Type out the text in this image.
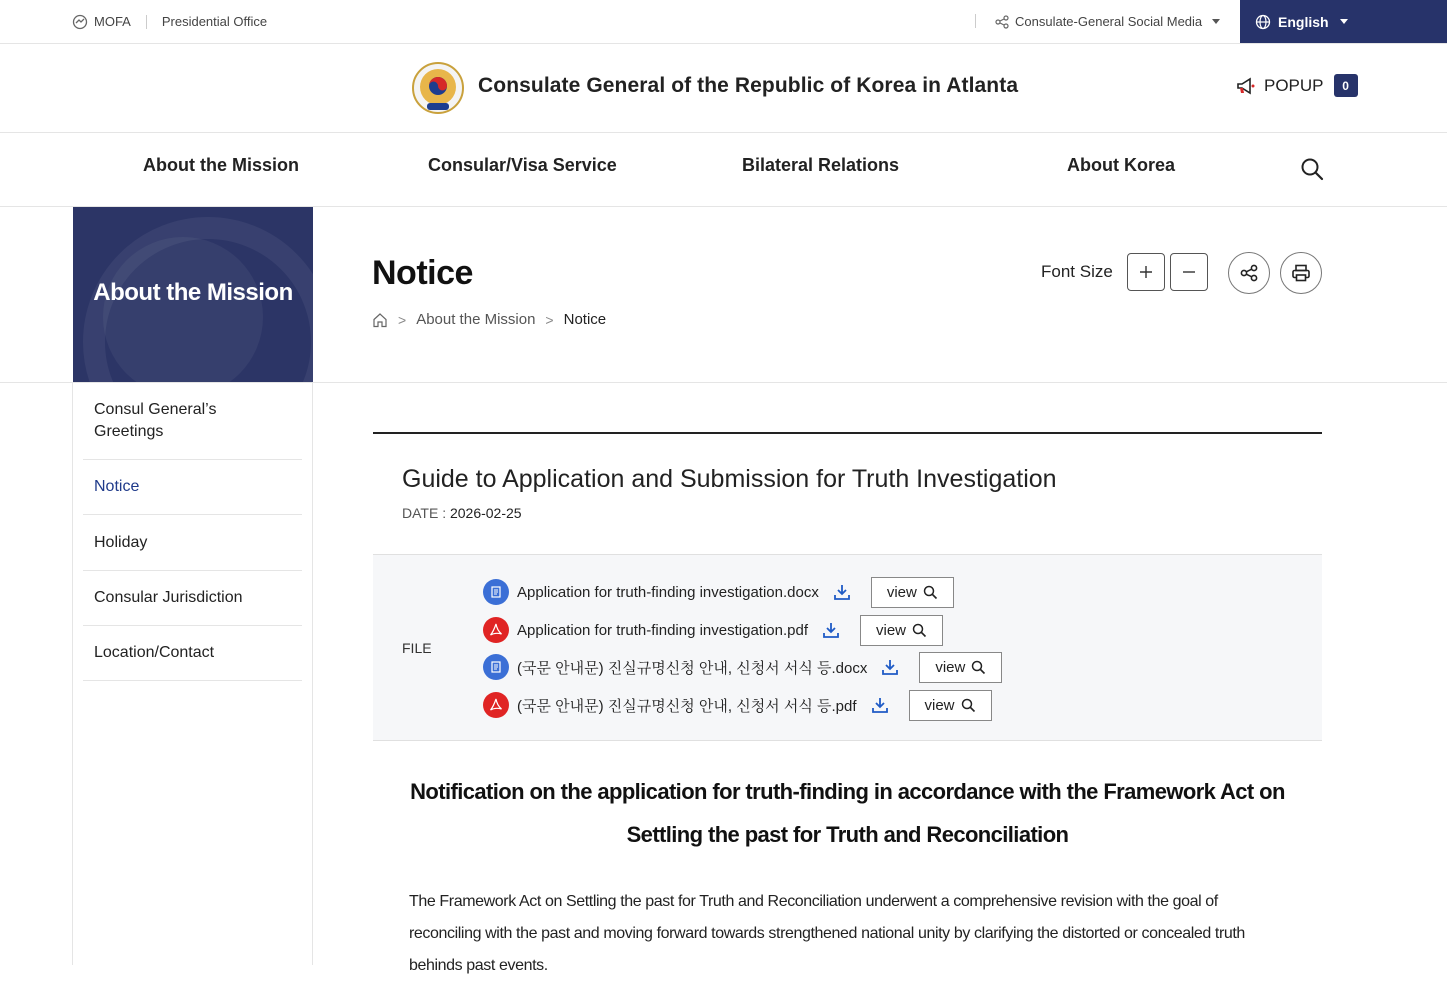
MOFA Presidential Office	Consulate-General Social Media	English
Consulate General of the Republic of Korea in Atlanta	POPUP	0
About the Mission	Consular/Visa Service	Bilateral Relations	About Korea
About the Mission
Consul General’s Greetings
Notice
Holiday
Consular Jurisdiction
Location/Contact
Notice
> About the Mission > Notice
Font Size
Guide to Application and Submission for Truth Investigation
DATE : 2026-02-25
FILE
Application for truth-finding investigation.docx	view
Application for truth-finding investigation.pdf	view
(국문 안내문) 진실규명신청 안내, 신청서 서식 등.docx	view
(국문 안내문) 진실규명신청 안내, 신청서 서식 등.pdf	view
Notification on the application for truth-finding in accordance with the Framework Act on Settling the past for Truth and Reconciliation
The Framework Act on Settling the past for Truth and Reconciliation underwent a comprehensive revision with the goal of reconciling with the past and moving forward towards strengthened national unity by clarifying the distorted or concealed truth behinds past events.
